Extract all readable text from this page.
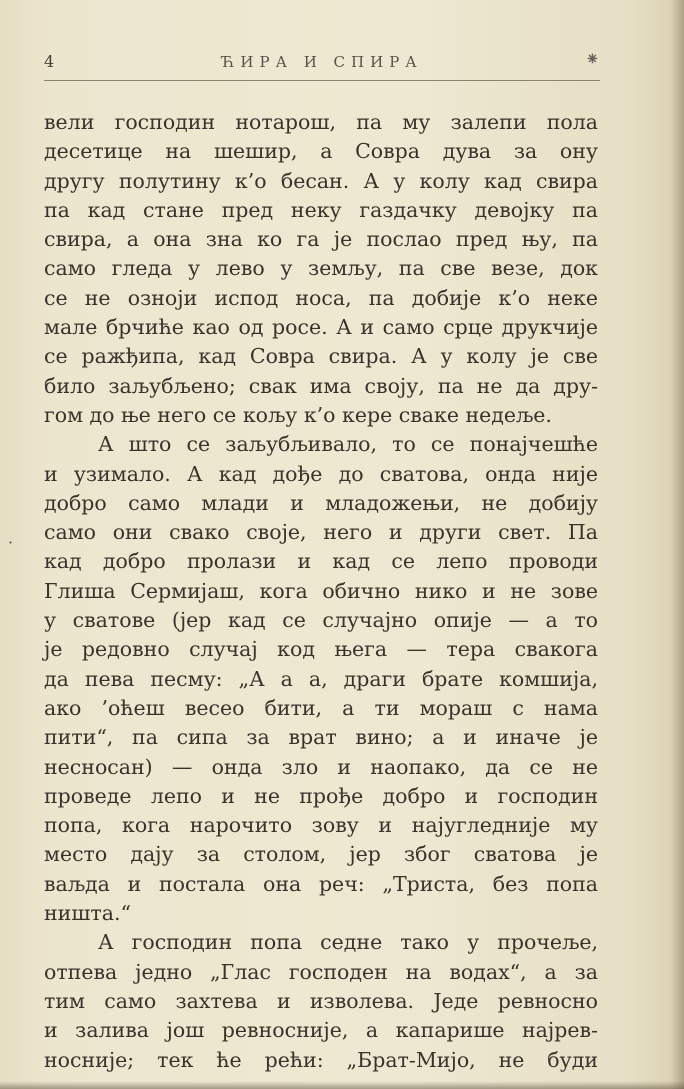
4	ЋИРА И СПИРА	⁕
·

вели господин нотарош, па му залепи пола
десетице на шешир, а Совра дува за ону
другу полутину к’о бесан. А у колу кад свира
па кад стане пред неку газдачку девојку па
свира, а она зна ко га је послао пред њу, па
само гледа у лево у земљу, па све везе, док
се не озноји испод носа, па добије к’о неке
мале брчиће као од росе. А и само срце друкчије
се ражђипа, кад Совра свира. А у колу је све
било заљубљено; свак има своју, па не да дру-
гом до ње него се кољу к’о кере сваке недеље.

А што се заљубљивало, то се понајчешће
и узимало. А кад дође до сватова, онда није
добро само млади и младожењи, не добију
само они свако своје, него и други свет. Па
кад добро пролази и кад се лепо проводи
Глиша Сермијаш, кога обично нико и не зове
у сватове (јер кад се случајно опије — а то
је редовно случај код њега — тера свакога
да пева песму: „А а а, драги брате комшија,
ако ’оћеш весео бити, а ти мораш с нама
пити“, па сипа за врат вино; а и иначе је
несносан) — онда зло и наопако, да се не
проведе лепо и не прође добро и господин
попа, кога нарочито зову и најугледније му
место дају за столом, јер због сватова је
ваљда и постала она реч: „Триста, без попа
ништа.“

А господин попа седне тако у прочеље,
отпева једно „Глас господен на водах“, а за
тим само захтева и изволева. Једе ревносно
и залива још ревносније, а капарише најрев-
носније; тек ће рећи: „Брат-Мијо, не буди
